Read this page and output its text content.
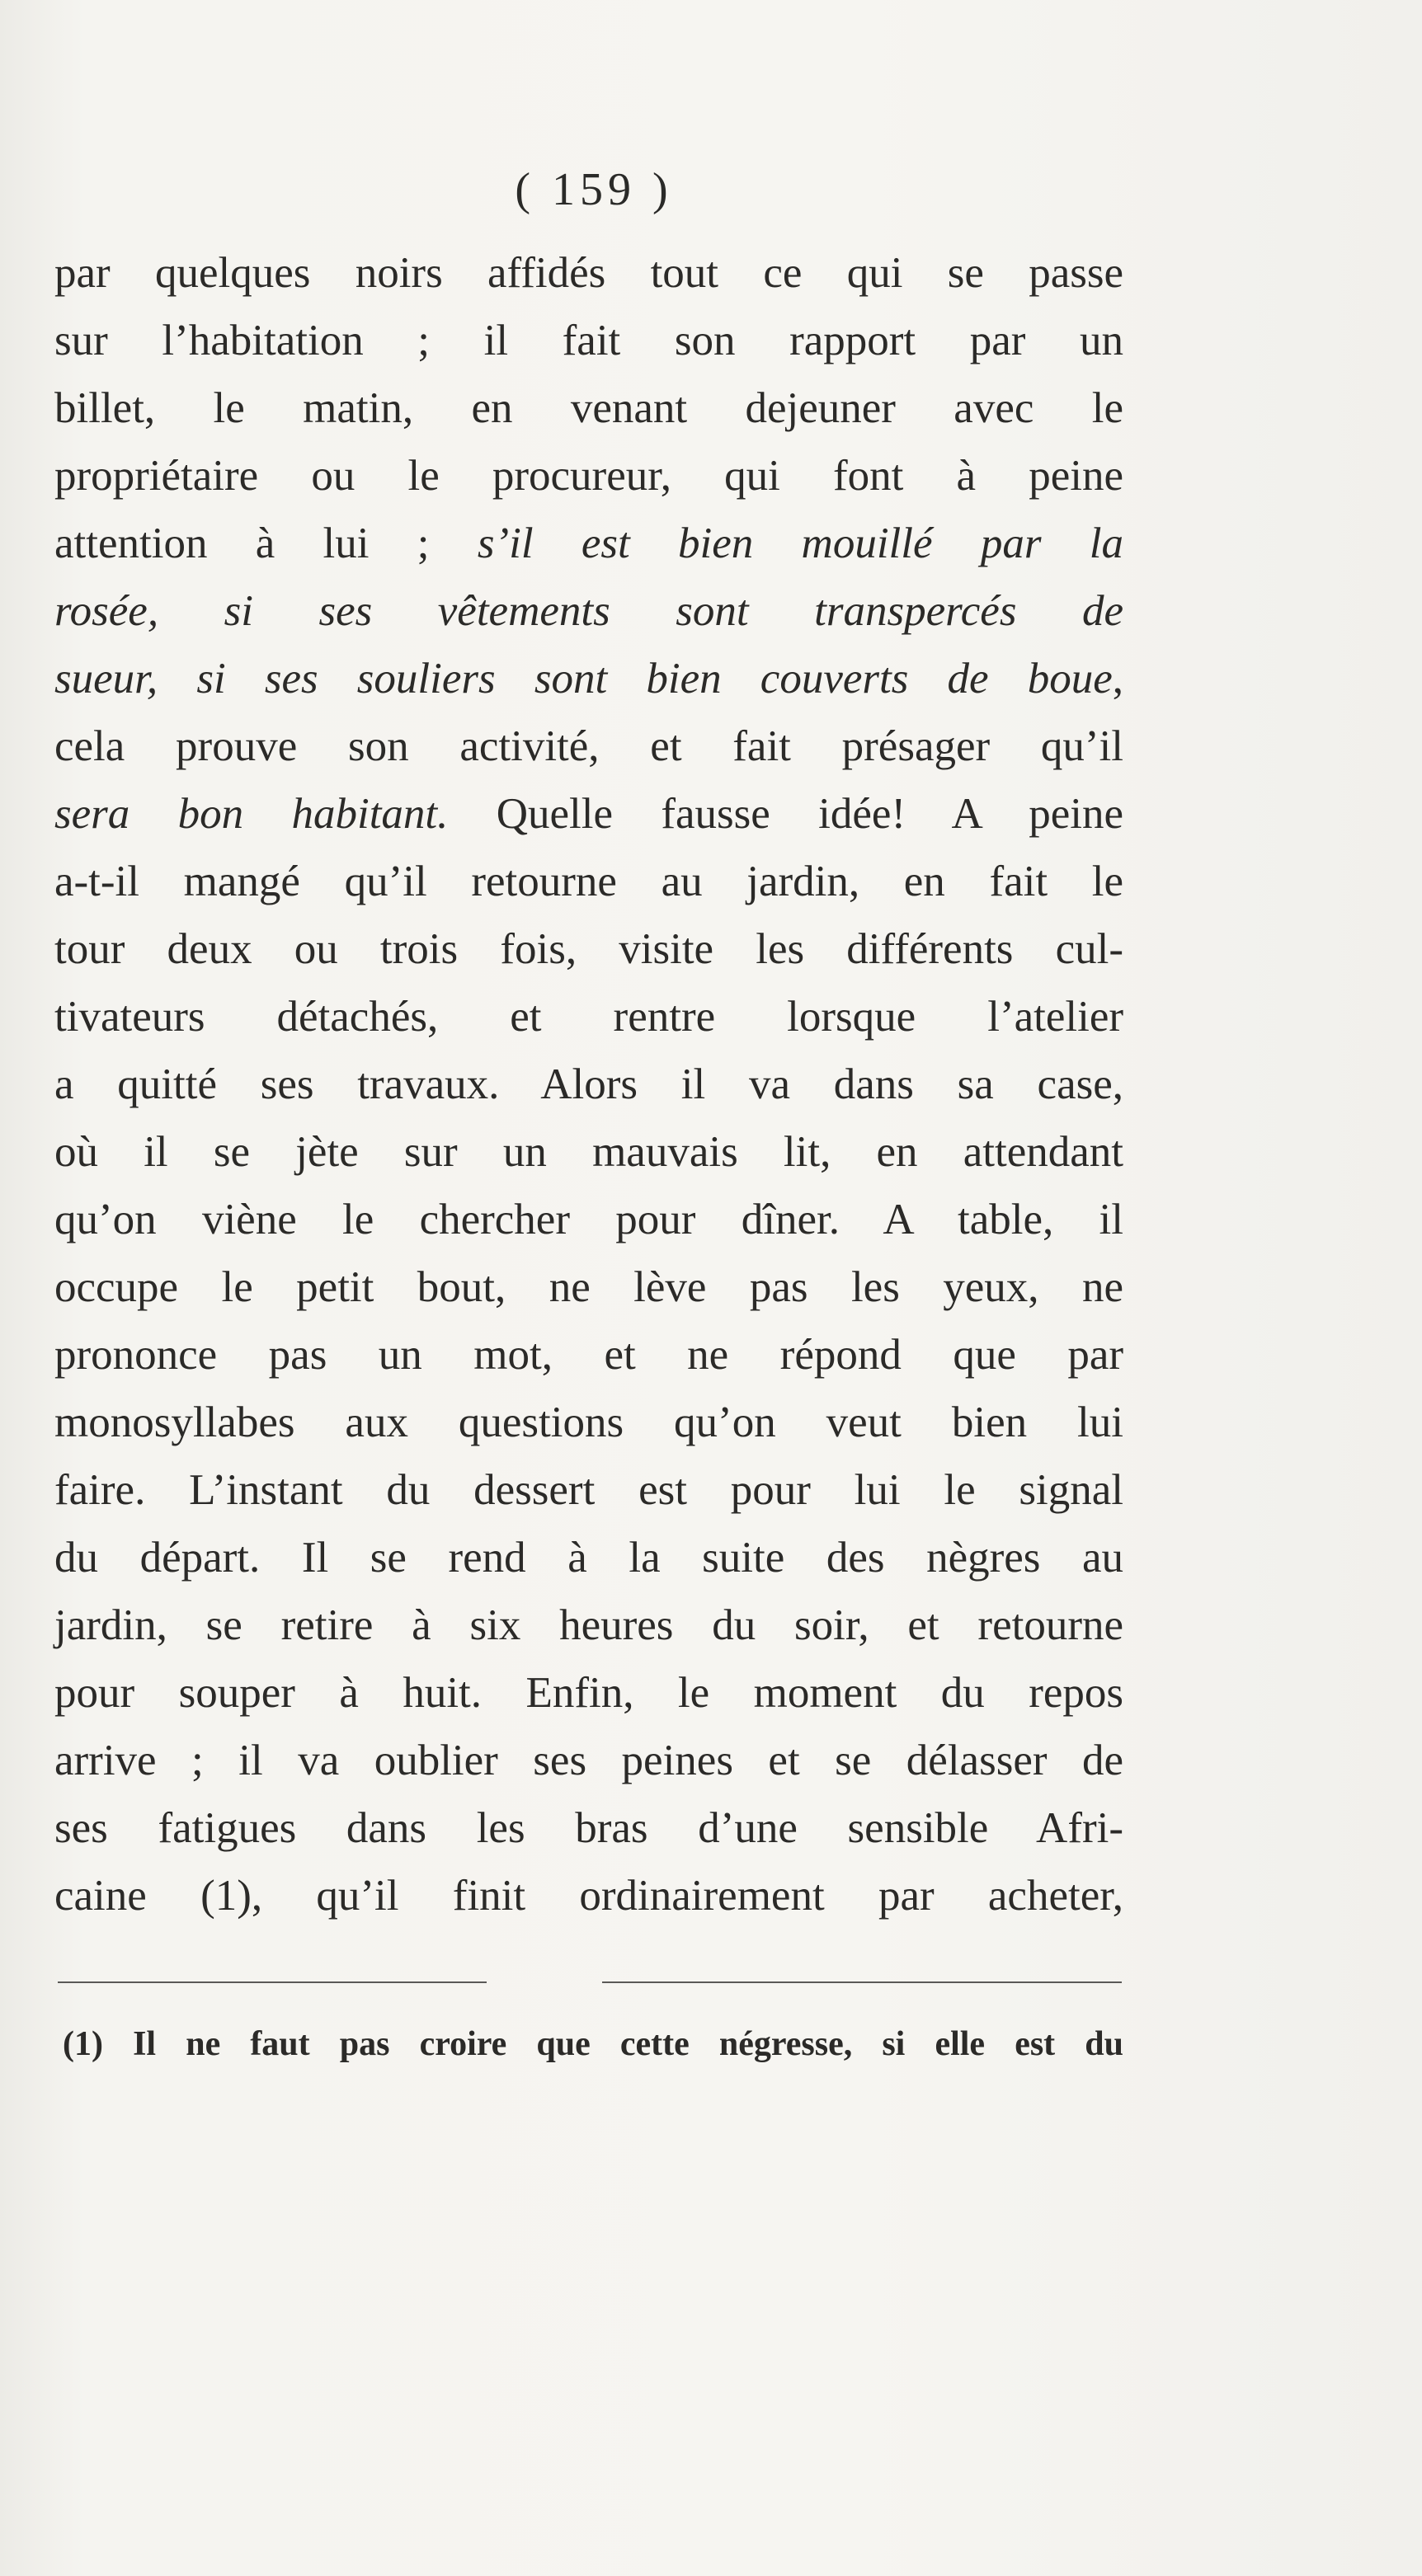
( 159 )
par quelques noirs affidés tout ce qui se passe
sur l’habitation ; il fait son rapport par un
billet, le matin, en venant dejeuner avec le
propriétaire ou le procureur, qui font à peine
attention à lui ; s’il est bien mouillé par la
rosée, si ses vêtements sont transpercés de
sueur, si ses souliers sont bien couverts de boue,
cela prouve son activité, et fait présager qu’il
sera bon habitant. Quelle fausse idée! A peine
a-t-il mangé qu’il retourne au jardin, en fait le
tour deux ou trois fois, visite les différents cul-
tivateurs détachés, et rentre lorsque l’atelier
a quitté ses travaux. Alors il va dans sa case,
où il se jète sur un mauvais lit, en attendant
qu’on viène le chercher pour dîner. A table, il
occupe le petit bout, ne lève pas les yeux, ne
prononce pas un mot, et ne répond que par
monosyllabes aux questions qu’on veut bien lui
faire. L’instant du dessert est pour lui le signal
du départ. Il se rend à la suite des nègres au
jardin, se retire à six heures du soir, et retourne
pour souper à huit. Enfin, le moment du repos
arrive ; il va oublier ses peines et se délasser de
ses fatigues dans les bras d’une sensible Afri-
caine (1), qu’il finit ordinairement par acheter,
(1) Il ne faut pas croire que cette négresse, si elle est du
